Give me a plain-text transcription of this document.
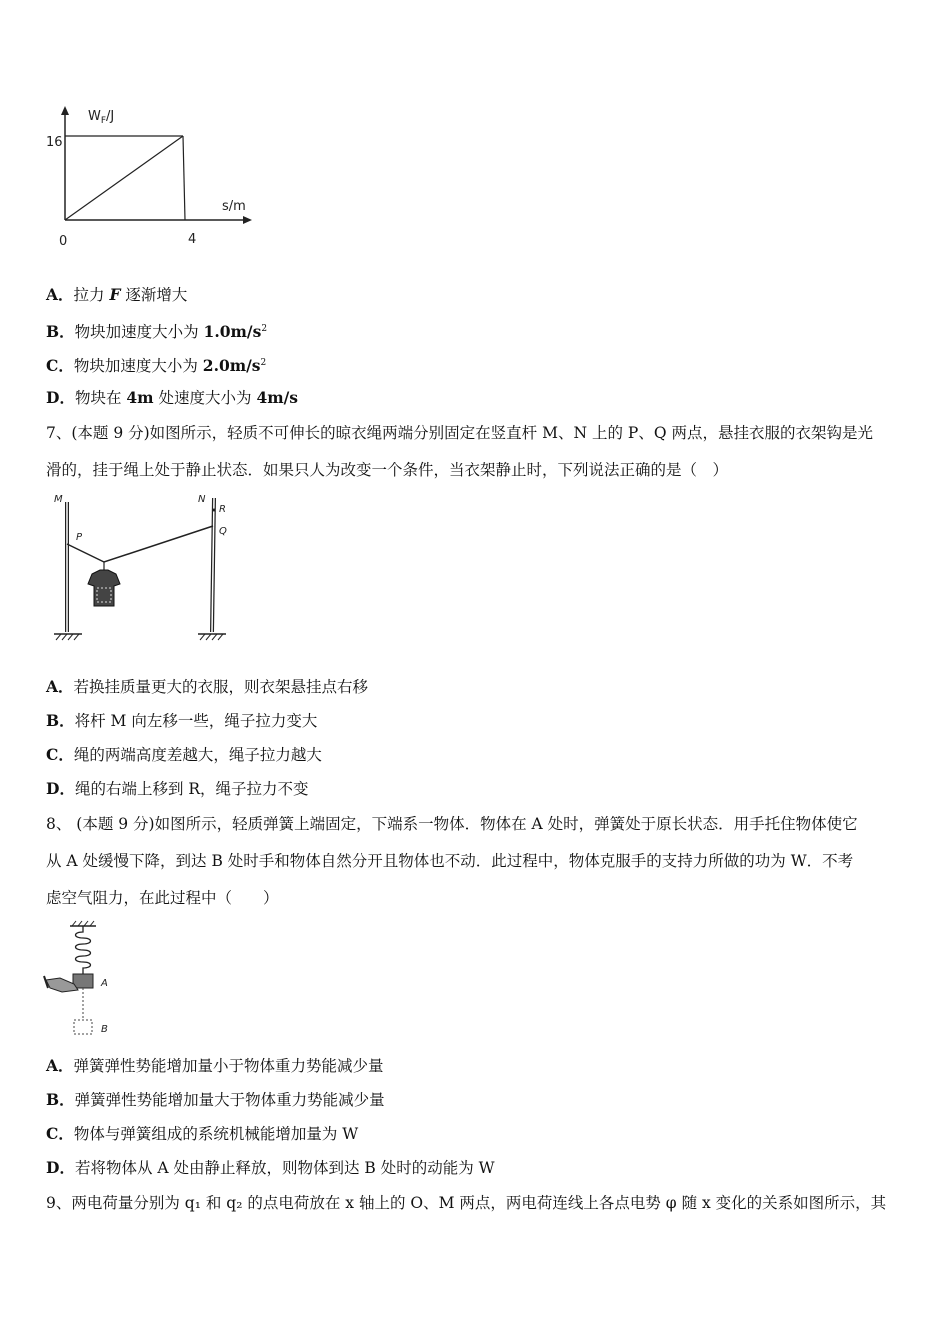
$W_F/J$
16
s/m
0	4
A．拉力 F 逐渐增大
B．物块加速度大小为 $1.0m/s^2$
C．物块加速度大小为 $2.0m/s^2$
D．物块在 4m 处速度大小为 4m/s
7、(本题 9 分)如图所示，轻质不可伸长的晾衣绳两端分别固定在竖直杆 M、N 上的 P、Q 两点，悬挂衣服的衣架钩是光
滑的，挂于绳上处于静止状态．如果只人为改变一个条件，当衣架静止时，下列说法正确的是（　）
M	N
P
R
Q
A．若换挂质量更大的衣服，则衣架悬挂点右移
B．将杆 M 向左移一些，绳子拉力变大
C．绳的两端高度差越大，绳子拉力越大
D．绳的右端上移到 R，绳子拉力不变
8、 (本题 9 分)如图所示，轻质弹簧上端固定，下端系一物体．物体在 A 处时，弹簧处于原长状态．用手托住物体使它
从 A 处缓慢下降，到达 B 处时手和物体自然分开且物体也不动．此过程中，物体克服手的支持力所做的功为 W．不考
虑空气阻力，在此过程中（　　）
A
B
A．弹簧弹性势能增加量小于物体重力势能减少量
B．弹簧弹性势能增加量大于物体重力势能减少量
C．物体与弹簧组成的系统机械能增加量为 W
D．若将物体从 A 处由静止释放，则物体到达 B 处时的动能为 W
9、两电荷量分别为 q₁ 和 q₂ 的点电荷放在 x 轴上的 O、M 两点，两电荷连线上各点电势 φ 随 x 变化的关系如图所示，其
